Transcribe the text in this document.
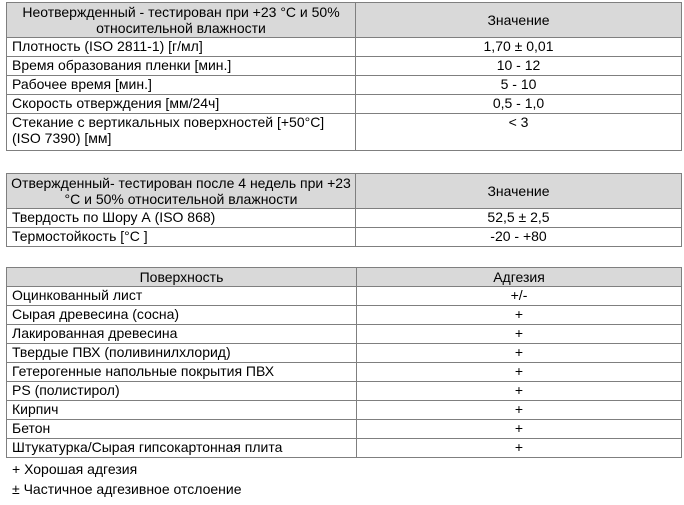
Неотвержденный - тестирован при +23 °C и 50% относительной влажности	Значение
Плотность (ISO 2811-1) [г/мл]	1,70 ± 0,01
Время образования пленки [мин.]	10 - 12
Рабочее время [мин.]	5 - 10
Скорость отверждения [мм/24ч]	0,5 - 1,0
Стекание с вертикальных поверхностей [+50°C] (ISO 7390) [мм]	< 3
Отвержденный- тестирован после 4 недель при +23 °C и 50% относительной влажности	Значение
Твердость по Шору А (ISO 868)	52,5 ± 2,5
Термостойкость [°C ]	-20 - +80
Поверхность	Адгезия
Оцинкованный лист	+/-
Сырая древесина (сосна)	+
Лакированная древесина	+
Твердые ПВХ (поливинилхлорид)	+
Гетерогенные напольные покрытия ПВХ	+
PS (полистирол)	+
Кирпич	+
Бетон	+
Штукатурка/Сырая гипсокартонная плита	+
+ Хорошая адгезия
± Частичное адгезивное отслоение
